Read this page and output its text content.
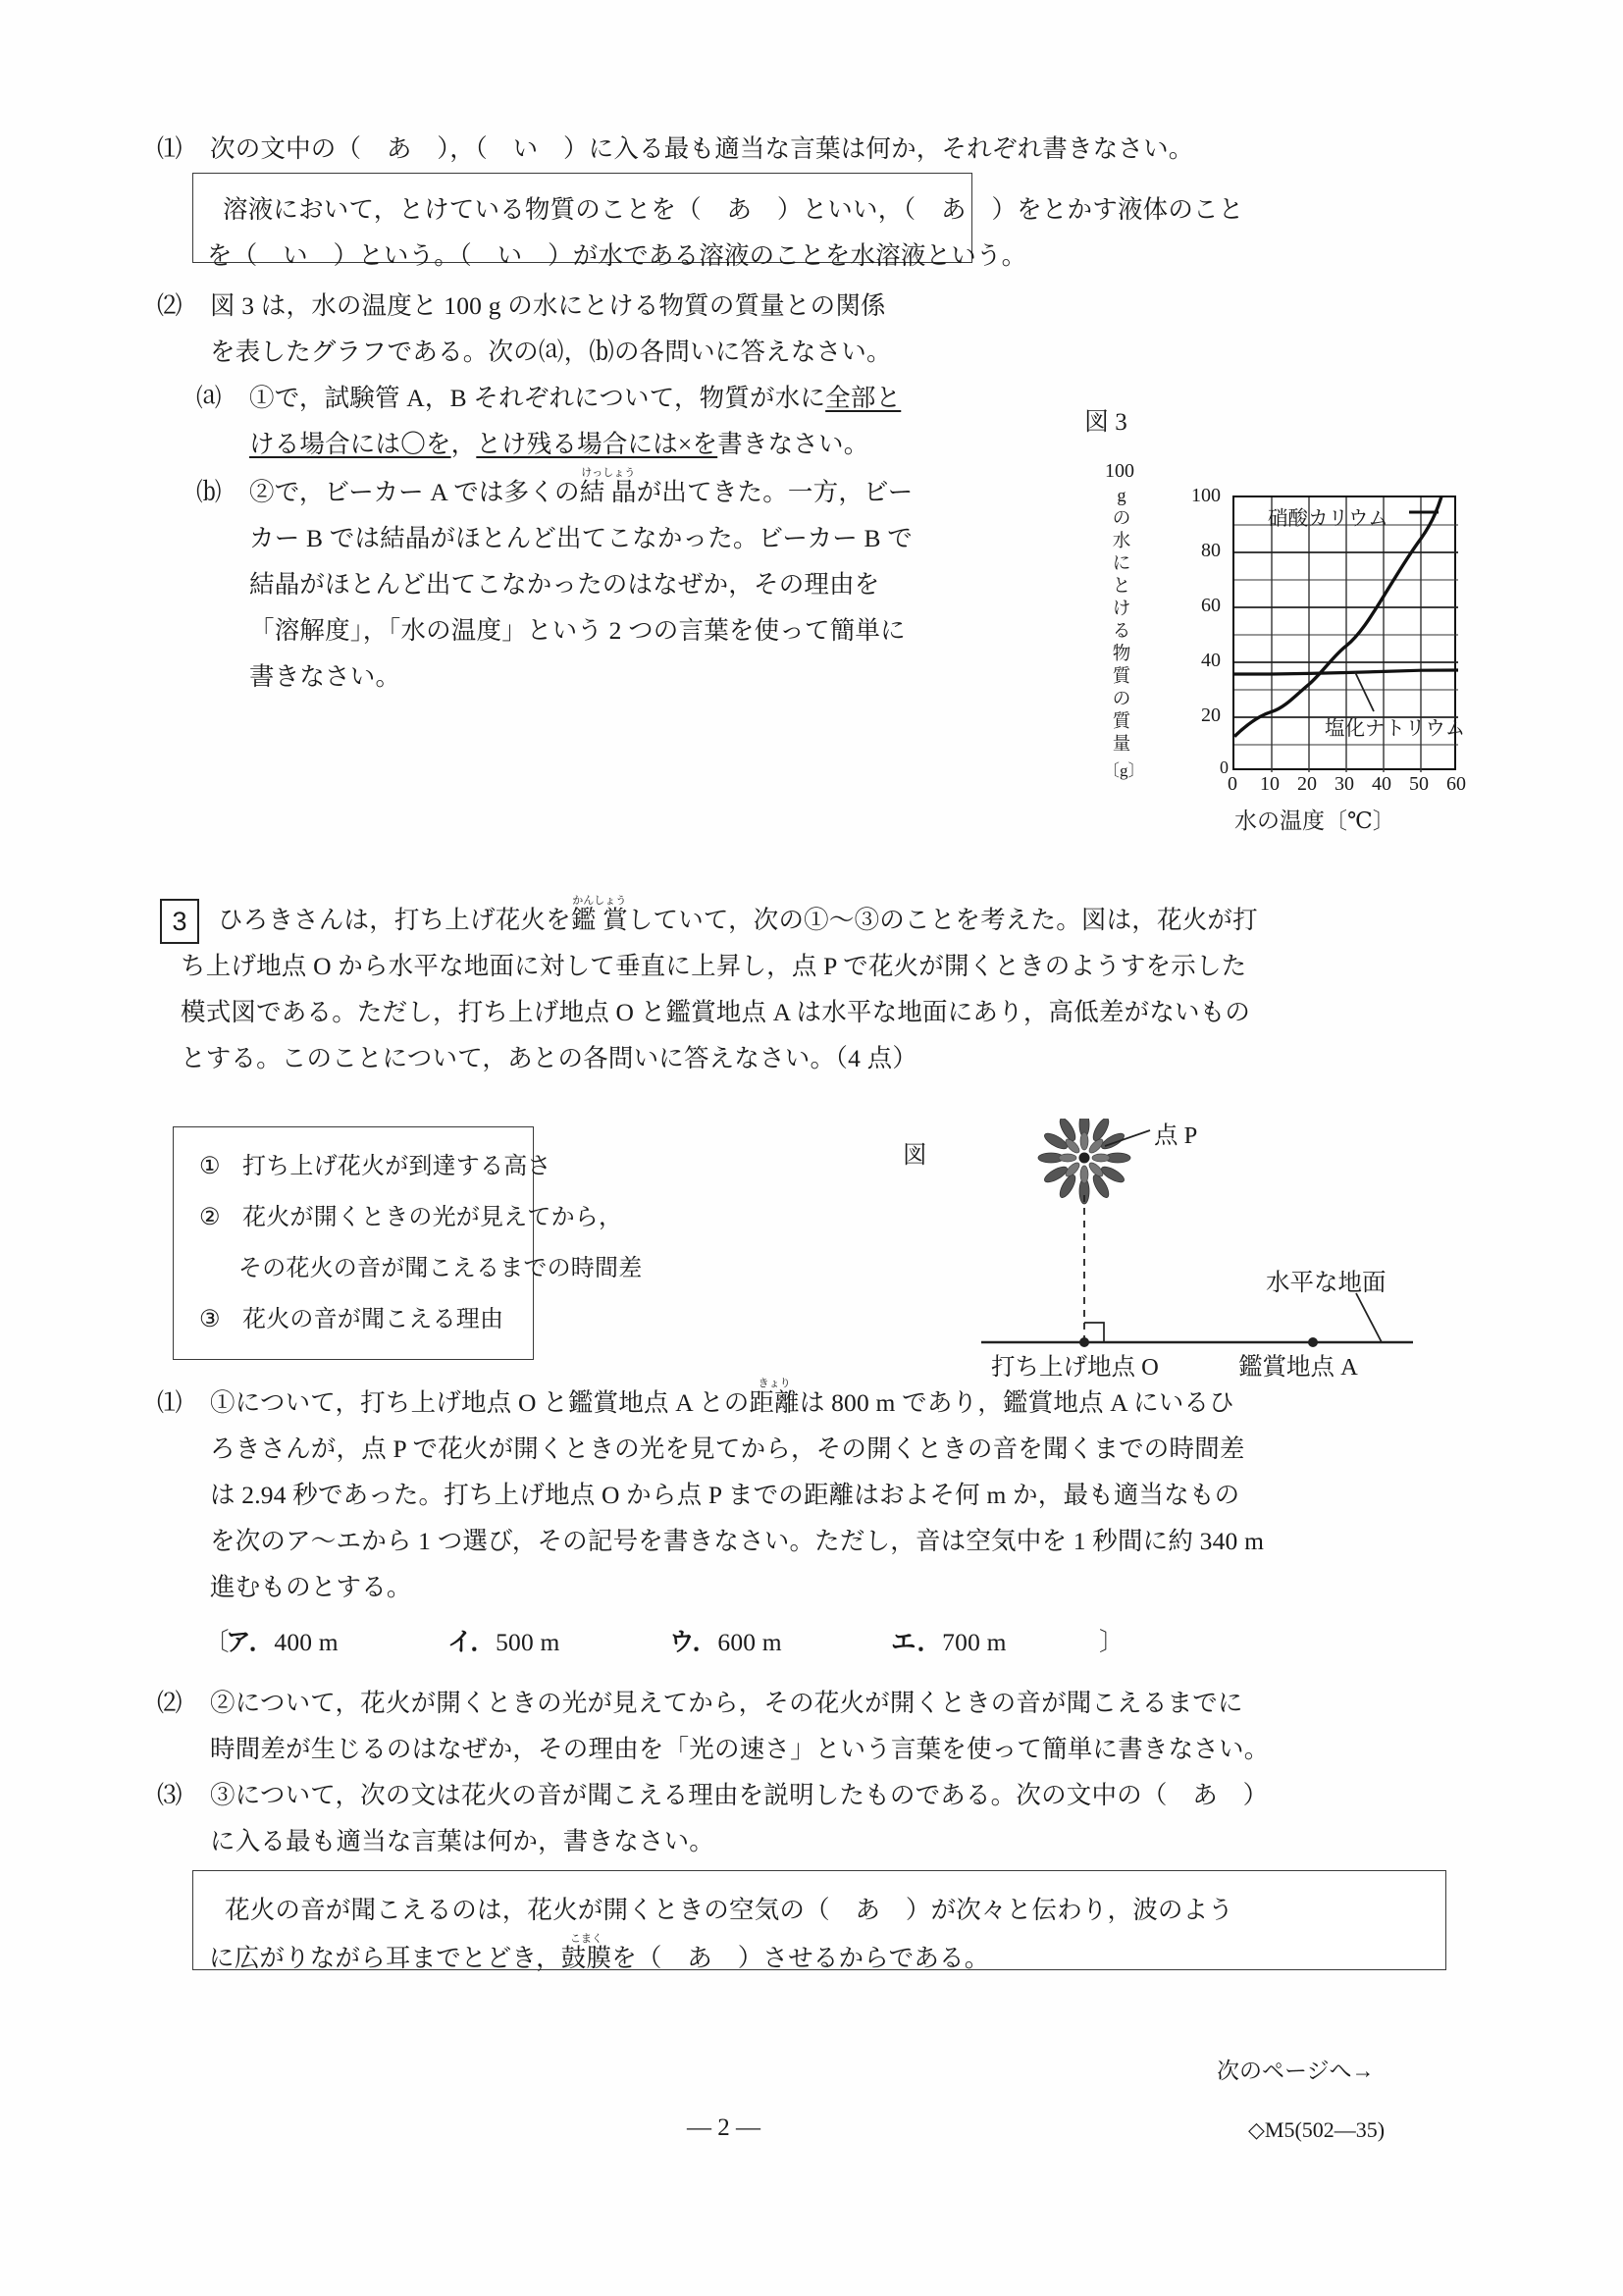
⑴ 次の文中の（　あ　），（　い　）に入る最も適当な言葉は何か，それぞれ書きなさい。
溶液において，とけている物質のことを（　あ　）といい，（　あ　）をとかす液体のこと
を（　い　）という。（　い　）が水である溶液のことを水溶液という。
⑵ 図 3 は，水の温度と 100 g の水にとける物質の質量との関係
を表したグラフである。次の⒜，⒝の各問いに答えなさい。
⒜ ①で，試験管 A，B それぞれについて，物質が水に全部と
ける場合には〇を，とけ残る場合には×を書きなさい。
⒝ ②で，ビーカー A では多くの結 晶けっしょうが出てきた。一方，ビー
カー B では結晶がほとんど出てこなかった。ビーカー B で
結晶がほとんど出てこなかったのはなぜか，その理由を
「溶解度」，「水の温度」という 2 つの言葉を使って簡単に
書きなさい。
図 3
100
g
の
水
に
と
け
る
物
質
の
質
量
〔g〕
硝酸カリウム
塩化ナトリウム
100
80
60
40
20
0
0	10 20 30 40 50 60
水の温度〔℃〕
3	ひろきさんは，打ち上げ花火を鑑 賞かんしょうしていて，次の①～③のことを考えた。図は，花火が打
ち上げ地点 O から水平な地面に対して垂直に上昇し，点 P で花火が開くときのようすを示した
模式図である。ただし，打ち上げ地点 O と鑑賞地点 A は水平な地面にあり，高低差がないもの
とする。このことについて，あとの各問いに答えなさい。（4 点）
① 打ち上げ花火が到達する高さ
② 花火が開くときの光が見えてから，
その花火の音が聞こえるまでの時間差
③ 花火の音が聞こえる理由
図
点 P
水平な地面
打ち上げ地点 O	鑑賞地点 A
⑴ ①について，打ち上げ地点 O と鑑賞地点 A との距離きょりは 800 m であり，鑑賞地点 A にいるひ
ろきさんが，点 P で花火が開くときの光を見てから，その開くときの音を聞くまでの時間差
は 2.94 秒であった。打ち上げ地点 O から点 P までの距離はおよそ何 m か，最も適当なもの
を次のア～エから 1 つ選び，その記号を書きなさい。ただし，音は空気中を 1 秒間に約 340 m
進むものとする。
〔
ア．400 m	イ．500 m	ウ．600 m	エ．700 m	〕
⑵ ②について，花火が開くときの光が見えてから，その花火が開くときの音が聞こえるまでに
時間差が生じるのはなぜか，その理由を「光の速さ」という言葉を使って簡単に書きなさい。
⑶ ③について，次の文は花火の音が聞こえる理由を説明したものである。次の文中の（　あ　）
に入る最も適当な言葉は何か，書きなさい。
花火の音が聞こえるのは，花火が開くときの空気の（　あ　）が次々と伝わり，波のよう
に広がりながら耳までとどき，鼓膜こまくを（　あ　）させるからである。
次のページへ→
— 2 —	◇M5(502—35)
